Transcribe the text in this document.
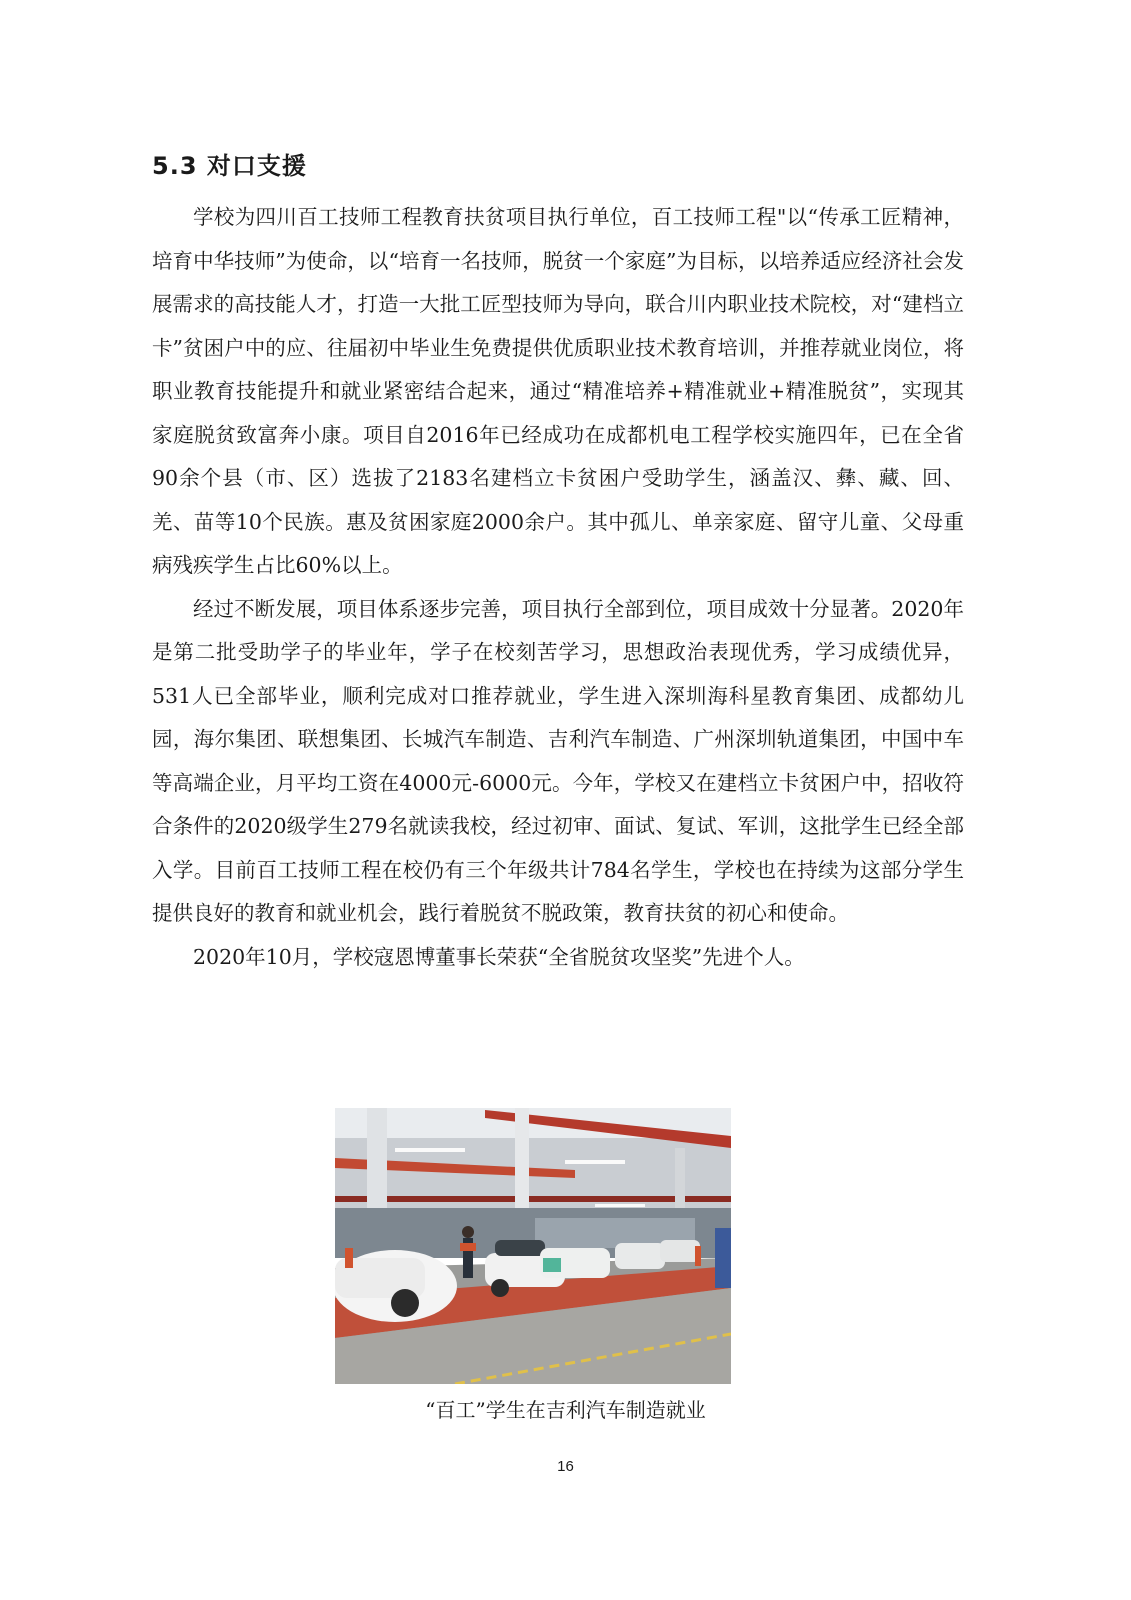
5.3 对口支援

学校为四川百工技师工程教育扶贫项目执行单位，百工技师工程"以“传承工匠精神，培育中华技师”为使命，以“培育一名技师，脱贫一个家庭”为目标，以培养适应经济社会发展需求的高技能人才，打造一大批工匠型技师为导向，联合川内职业技术院校，对“建档立卡”贫困户中的应、往届初中毕业生免费提供优质职业技术教育培训，并推荐就业岗位，将职业教育技能提升和就业紧密结合起来，通过“精准培养+精准就业+精准脱贫”，实现其家庭脱贫致富奔小康。项目自2016年已经成功在成都机电工程学校实施四年，已在全省90余个县（市、区）选拔了2183名建档立卡贫困户受助学生，涵盖汉、彝、藏、回、羌、苗等10个民族。惠及贫困家庭2000余户。其中孤儿、单亲家庭、留守儿童、父母重病残疾学生占比60%以上。

经过不断发展，项目体系逐步完善，项目执行全部到位，项目成效十分显著。2020年是第二批受助学子的毕业年，学子在校刻苦学习，思想政治表现优秀，学习成绩优异，531人已全部毕业，顺利完成对口推荐就业，学生进入深圳海科星教育集团、成都幼儿园，海尔集团、联想集团、长城汽车制造、吉利汽车制造、广州深圳轨道集团，中国中车等高端企业，月平均工资在4000元-6000元。今年，学校又在建档立卡贫困户中，招收符合条件的2020级学生279名就读我校，经过初审、面试、复试、军训，这批学生已经全部入学。目前百工技师工程在校仍有三个年级共计784名学生，学校也在持续为这部分学生提供良好的教育和就业机会，践行着脱贫不脱政策，教育扶贫的初心和使命。

2020年10月，学校寇恩博董事长荣获“全省脱贫攻坚奖”先进个人。

“百工”学生在吉利汽车制造就业
16
